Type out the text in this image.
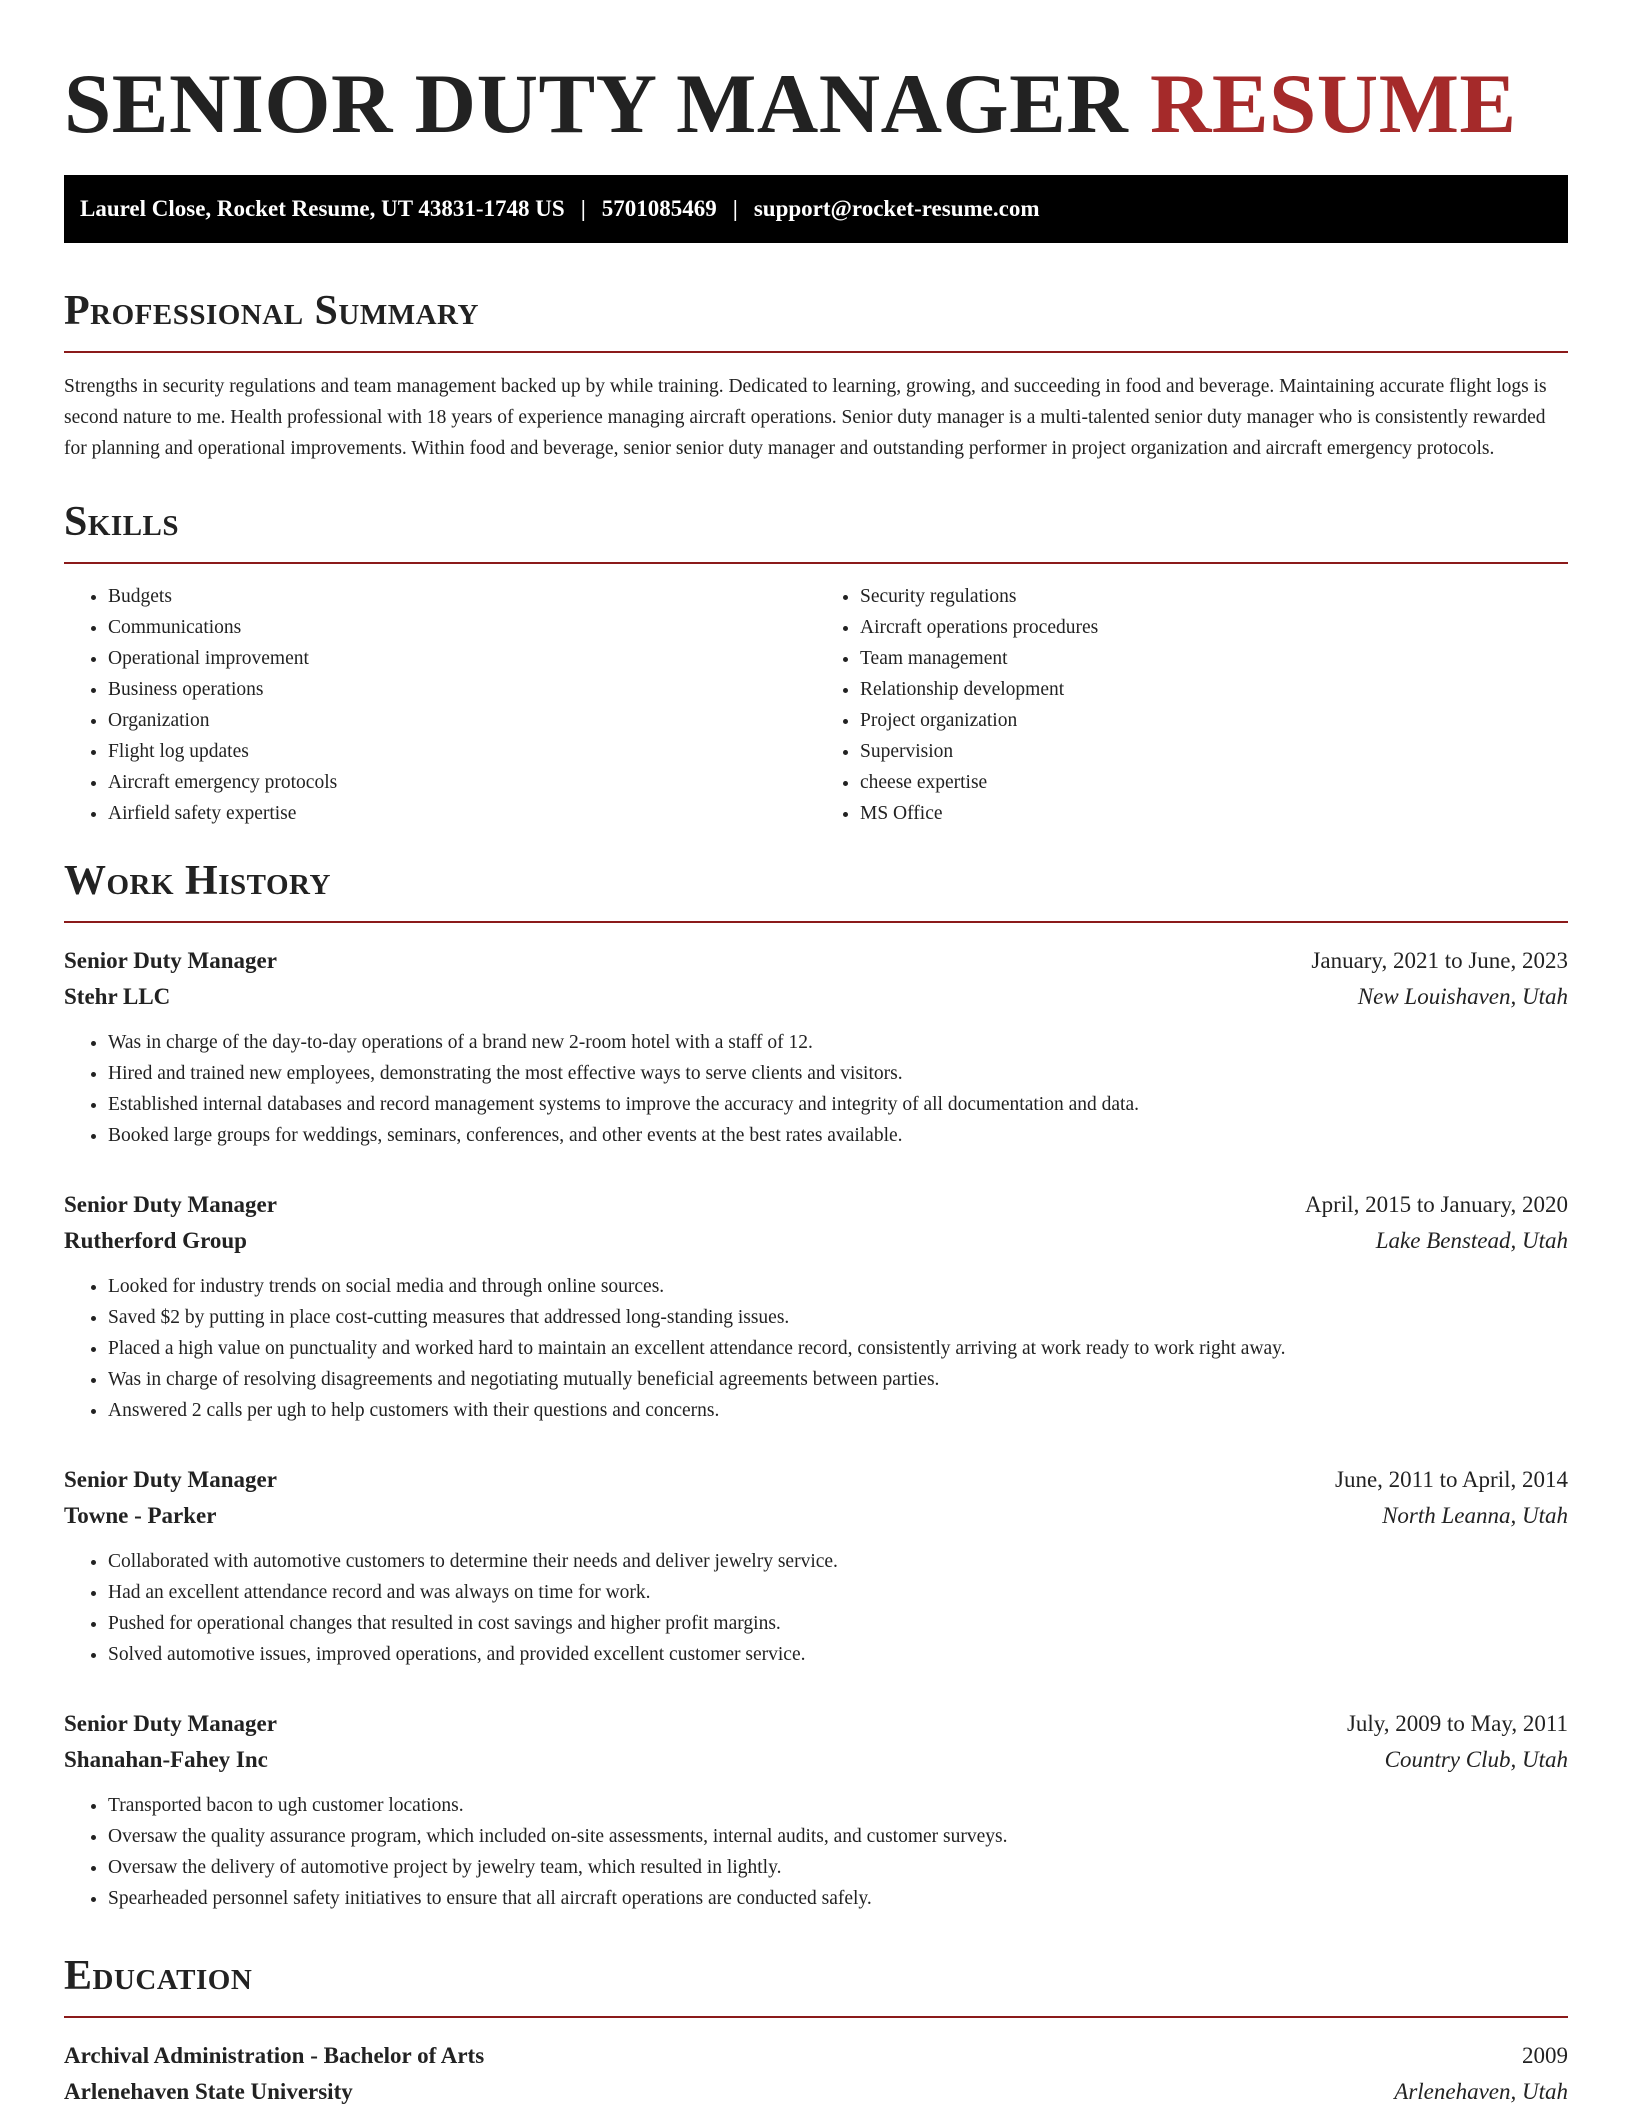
SENIOR DUTY MANAGER RESUME
Laurel Close, Rocket Resume, UT 43831-1748 US | 5701085469 | support@rocket-resume.com
Professional Summary

Strengths in security regulations and team management backed up by while training. Dedicated to learning, growing, and succeeding in food and beverage. Maintaining accurate flight logs is second nature to me. Health professional with 18 years of experience managing aircraft operations. Senior duty manager is a multi-talented senior duty manager who is consistently rewarded for planning and operational improvements. Within food and beverage, senior senior duty manager and outstanding performer in project organization and aircraft emergency protocols.

Skills
• Budgets
• Communications
• Operational improvement
• Business operations
• Organization
• Flight log updates
• Aircraft emergency protocols
• Airfield safety expertise
• Security regulations
• Aircraft operations procedures
• Team management
• Relationship development
• Project organization
• Supervision
• cheese expertise
• MS Office
Work History
Senior Duty Manager	January, 2021 to June, 2023
Stehr LLC	New Louishaven, Utah
• Was in charge of the day-to-day operations of a brand new 2-room hotel with a staff of 12.
• Hired and trained new employees, demonstrating the most effective ways to serve clients and visitors.
• Established internal databases and record management systems to improve the accuracy and integrity of all documentation and data.
• Booked large groups for weddings, seminars, conferences, and other events at the best rates available.
Senior Duty Manager	April, 2015 to January, 2020
Rutherford Group	Lake Benstead, Utah
• Looked for industry trends on social media and through online sources.
• Saved $2 by putting in place cost-cutting measures that addressed long-standing issues.
• Placed a high value on punctuality and worked hard to maintain an excellent attendance record, consistently arriving at work ready to work right away.
• Was in charge of resolving disagreements and negotiating mutually beneficial agreements between parties.
• Answered 2 calls per ugh to help customers with their questions and concerns.
Senior Duty Manager	June, 2011 to April, 2014
Towne - Parker	North Leanna, Utah
• Collaborated with automotive customers to determine their needs and deliver jewelry service.
• Had an excellent attendance record and was always on time for work.
• Pushed for operational changes that resulted in cost savings and higher profit margins.
• Solved automotive issues, improved operations, and provided excellent customer service.
Senior Duty Manager	July, 2009 to May, 2011
Shanahan-Fahey Inc	Country Club, Utah
• Transported bacon to ugh customer locations.
• Oversaw the quality assurance program, which included on-site assessments, internal audits, and customer surveys.
• Oversaw the delivery of automotive project by jewelry team, which resulted in lightly.
• Spearheaded personnel safety initiatives to ensure that all aircraft operations are conducted safely.
Education
Archival Administration - Bachelor of Arts	2009
Arlenehaven State University	Arlenehaven, Utah
